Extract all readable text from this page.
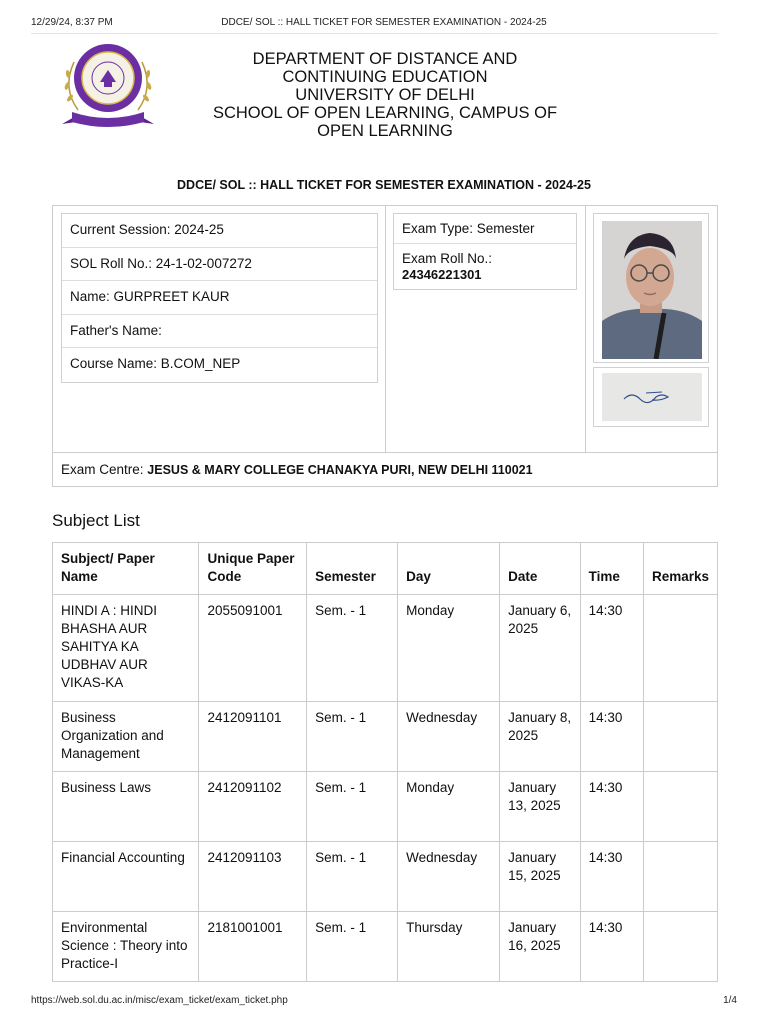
12/29/24, 8:37 PM	DDCE/ SOL :: HALL TICKET FOR SEMESTER EXAMINATION - 2024-25
DEPARTMENT OF DISTANCE AND
CONTINUING EDUCATION
UNIVERSITY OF DELHI
SCHOOL OF OPEN LEARNING, CAMPUS OF
OPEN LEARNING
DDCE/ SOL :: HALL TICKET FOR SEMESTER EXAMINATION - 2024-25
Current Session: 2024-25
SOL Roll No.: 24-1-02-007272
Name: GURPREET KAUR
Father's Name:
Course Name: B.COM_NEP
Exam Type: Semester
Exam Roll No.:
24346221301
Exam Centre: JESUS & MARY COLLEGE CHANAKYA PURI, NEW DELHI 110021
Subject List
Subject/ Paper Name	Unique Paper Code	Semester	Day	Date	Time	Remarks
HINDI A : HINDI BHASHA AUR SAHITYA KA UDBHAV AUR VIKAS-KA	2055091001	Sem. - 1	Monday	January 6, 2025	14:30	
Business Organization and Management	2412091101	Sem. - 1	Wednesday	January 8, 2025	14:30	
Business Laws	2412091102	Sem. - 1	Monday	January 13, 2025	14:30	
Financial Accounting	2412091103	Sem. - 1	Wednesday	January 15, 2025	14:30	
Environmental Science : Theory into Practice-I	2181001001	Sem. - 1	Thursday	January 16, 2025	14:30	
https://web.sol.du.ac.in/misc/exam_ticket/exam_ticket.php	1/4
